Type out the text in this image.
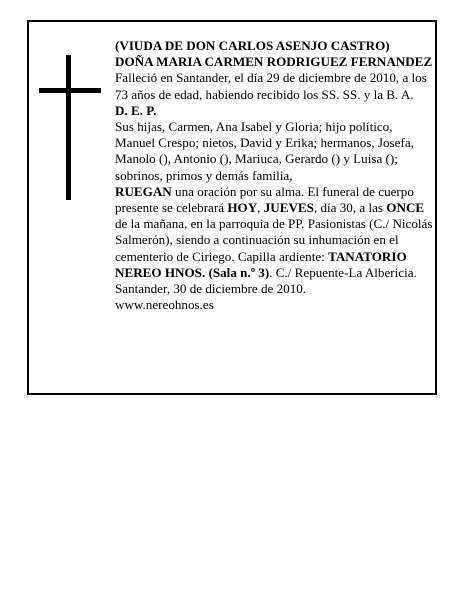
(VIUDA DE DON CARLOS ASENJO CASTRO)

DOÑA MARIA CARMEN RODRIGUEZ FERNANDEZ

Falleció en Santander, el día 29 de diciembre de 2010, a los 73 años de edad, habiendo recibido los SS. SS. y la B. A.

D. E. P.

Sus hijas, Carmen, Ana Isabel y Gloria; hijo político, Manuel Crespo; nietos, David y Erika; hermanos, Josefa, Manolo (), Antonio (), Mariuca, Gerardo () y Luisa (); sobrinos, primos y demás familia,

RUEGAN una oración por su alma. El funeral de cuerpo presente se celebrará HOY, JUEVES, día 30, a las ONCE de la mañana, en la parroquia de PP. Pasionistas (C./ Nicolás Salmerón), siendo a continuación su inhumación en el cementerio de Ciriego. Capilla ardiente: TANATORIO NEREO HNOS. (Sala n.º 3). C./ Repuente-La Albericia.

Santander, 30 de diciembre de 2010.

www.nereohnos.es
